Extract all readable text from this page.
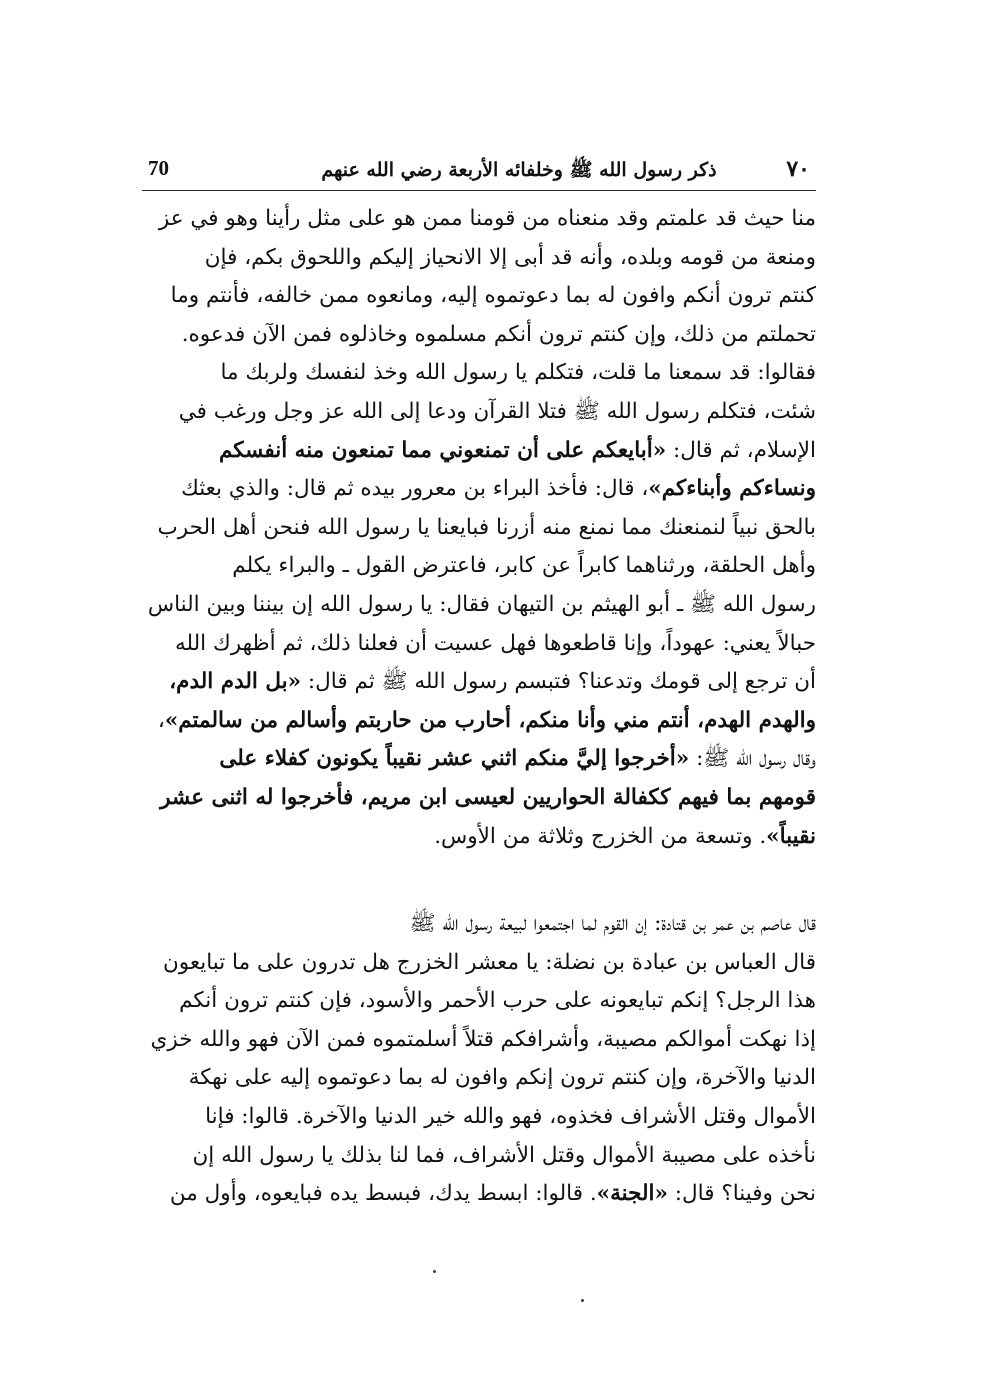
70	ذكر رسول الله ﷺ وخلفائه الأربعة رضي الله عنهم	٧٠
منا حيث قد علمتم وقد منعناه من قومنا ممن هو على مثل رأينا وهو في عز
ومنعة من قومه وبلده، وأنه قد أبى إلا الانحياز إليكم واللحوق بكم، فإن
كنتم ترون أنكم وافون له بما دعوتموه إليه، ومانعوه ممن خالفه، فأنتم وما
تحملتم من ذلك، وإن كنتم ترون أنكم مسلموه وخاذلوه فمن الآن فدعوه.
فقالوا: قد سمعنا ما قلت، فتكلم يا رسول الله وخذ لنفسك ولربك ما
شئت، فتكلم رسول الله ﷺ فتلا القرآن ودعا إلى الله عز وجل ورغب في
الإسلام، ثم قال: «أبايعكم على أن تمنعوني مما تمنعون منه أنفسكم
ونساءكم وأبناءكم»، قال: فأخذ البراء بن معرور بيده ثم قال: والذي بعثك
بالحق نبياً لنمنعنك مما نمنع منه أزرنا فبايعنا يا رسول الله فنحن أهل الحرب
وأهل الحلقة، ورثناهما كابراً عن كابر، فاعترض القول ـ والبراء يكلم
رسول الله ﷺ ـ أبو الهيثم بن التيهان فقال: يا رسول الله إن بيننا وبين الناس
حبالاً يعني: عهوداً، وإنا قاطعوها فهل عسيت أن فعلنا ذلك، ثم أظهرك الله
أن ترجع إلى قومك وتدعنا؟ فتبسم رسول الله ﷺ ثم قال: «بل الدم الدم،
والهدم الهدم، أنتم مني وأنا منكم، أحارب من حاربتم وأسالم من سالمتم»،
وقال رسول الله ﷺ: «أخرجوا إليَّ منكم اثني عشر نقيباً يكونون كفلاء على
قومهم بما فيهم ككفالة الحواريين لعيسى ابن مريم، فأخرجوا له اثنى عشر
نقيباً». وتسعة من الخزرج وثلاثة من الأوس.
قال عاصم بن عمر بن قتادة: إن القوم لما اجتمعوا لبيعة رسول الله ﷺ
قال العباس بن عبادة بن نضلة: يا معشر الخزرج هل تدرون على ما تبايعون
هذا الرجل؟ إنكم تبايعونه على حرب الأحمر والأسود، فإن كنتم ترون أنكم
إذا نهكت أموالكم مصيبة، وأشرافكم قتلاً أسلمتموه فمن الآن فهو والله خزي
الدنيا والآخرة، وإن كنتم ترون إنكم وافون له بما دعوتموه إليه على نهكة
الأموال وقتل الأشراف فخذوه، فهو والله خير الدنيا والآخرة. قالوا: فإنا
نأخذه على مصيبة الأموال وقتل الأشراف، فما لنا بذلك يا رسول الله إن
نحن وفينا؟ قال: «الجنة». قالوا: ابسط يدك، فبسط يده فبايعوه، وأول من
